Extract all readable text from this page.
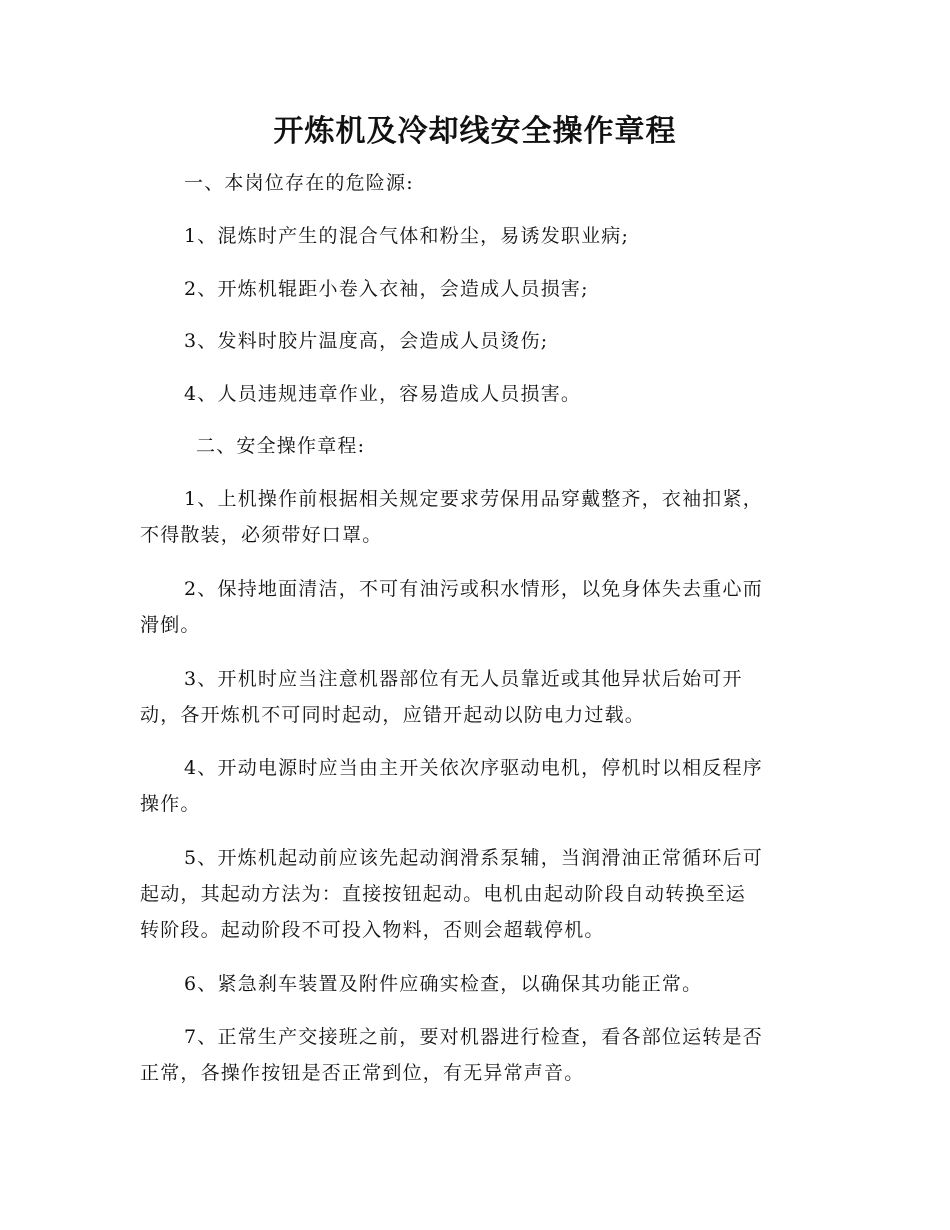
开炼机及冷却线安全操作章程

一、本岗位存在的危险源:

1、混炼时产生的混合气体和粉尘，易诱发职业病;

2、开炼机辊距小卷入衣袖，会造成人员损害;

3、发料时胶片温度高，会造成人员烫伤;

4、人员违规违章作业，容易造成人员损害。

二、安全操作章程:

1、上机操作前根据相关规定要求劳保用品穿戴整齐，衣袖扣紧，

不得散装，必须带好口罩。

2、保持地面清洁，不可有油污或积水情形，以免身体失去重心而

滑倒。

3、开机时应当注意机器部位有无人员靠近或其他异状后始可开

动，各开炼机不可同时起动，应错开起动以防电力过载。

4、开动电源时应当由主开关依次序驱动电机，停机时以相反程序

操作。

5、开炼机起动前应该先起动润滑系泵辅，当润滑油正常循环后可

起动，其起动方法为：直接按钮起动。电机由起动阶段自动转换至运

转阶段。起动阶段不可投入物料，否则会超载停机。

6、紧急刹车装置及附件应确实检查，以确保其功能正常。

7、正常生产交接班之前，要对机器进行检查，看各部位运转是否

正常，各操作按钮是否正常到位，有无异常声音。
